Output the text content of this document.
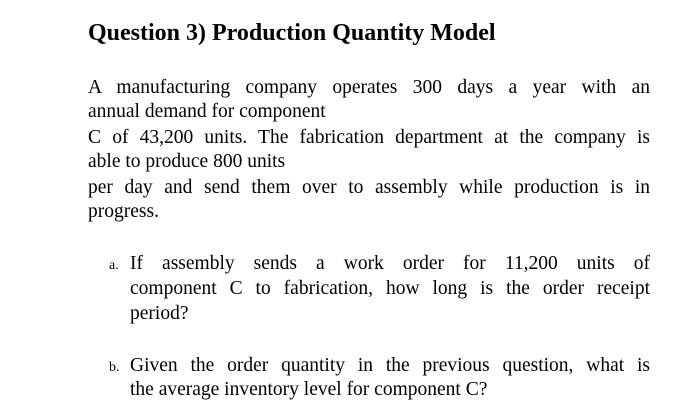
Question 3) Production Quantity Model
A manufacturing company operates 300 days a year with an
annual demand for component
C of 43,200 units. The fabrication department at the company is
able to produce 800 units
per day and send them over to assembly while production is in
progress.
a. If assembly sends a work order for 11,200 units of
component C to fabrication, how long is the order receipt
period?
b. Given the order quantity in the previous question, what is
the average inventory level for component C?
